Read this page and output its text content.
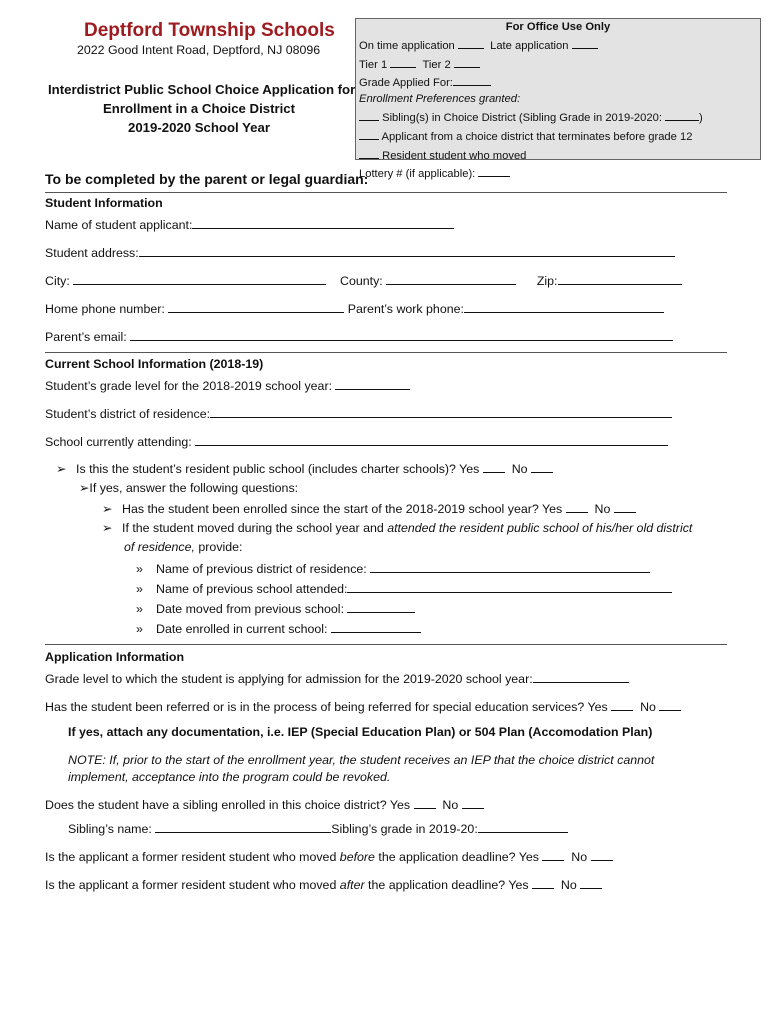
Deptford Township Schools
2022 Good Intent Road, Deptford, NJ 08096
Interdistrict Public School Choice Application for
Enrollment in a Choice District
2019-2020 School Year
For Office Use Only
On time application	Late application
Tier 1	Tier 2
Grade Applied For:
Enrollment Preferences granted:
Sibling(s) in Choice District (Sibling Grade in 2019-2020:	)
Applicant from a choice district that terminates before grade 12
Resident student who moved
Lottery # (if applicable):
To be completed by the parent or legal guardian:
Student Information
Name of student applicant:
Student address:
City:	County:	Zip:
Home phone number:	Parent’s work phone:
Parent’s email:
Current School Information (2018-19)
Student’s grade level for the 2018-2019 school year:
Student’s district of residence:
School currently attending:
➢ Is this the student’s resident public school (includes charter schools)? Yes	No
➢If yes, answer the following questions:
➢ Has the student been enrolled since the start of the 2018-2019 school year? Yes	No
➢ If the student moved during the school year and attended the resident public school of his/her old district
of residence, provide:
» Name of previous district of residence:
» Name of previous school attended:
» Date moved from previous school:
» Date enrolled in current school:
Application Information
Grade level to which the student is applying for admission for the 2019-2020 school year:
Has the student been referred or is in the process of being referred for special education services? Yes	No
If yes, attach any documentation, i.e. IEP (Special Education Plan) or 504 Plan (Accomodation Plan)
NOTE: If, prior to the start of the enrollment year, the student receives an IEP that the choice district cannot
implement, acceptance into the program could be revoked.
Does the student have a sibling enrolled in this choice district? Yes	No
Sibling’s name:	Sibling’s grade in 2019-20:
Is the applicant a former resident student who moved before the application deadline? Yes	No
Is the applicant a former resident student who moved after the application deadline? Yes	No
